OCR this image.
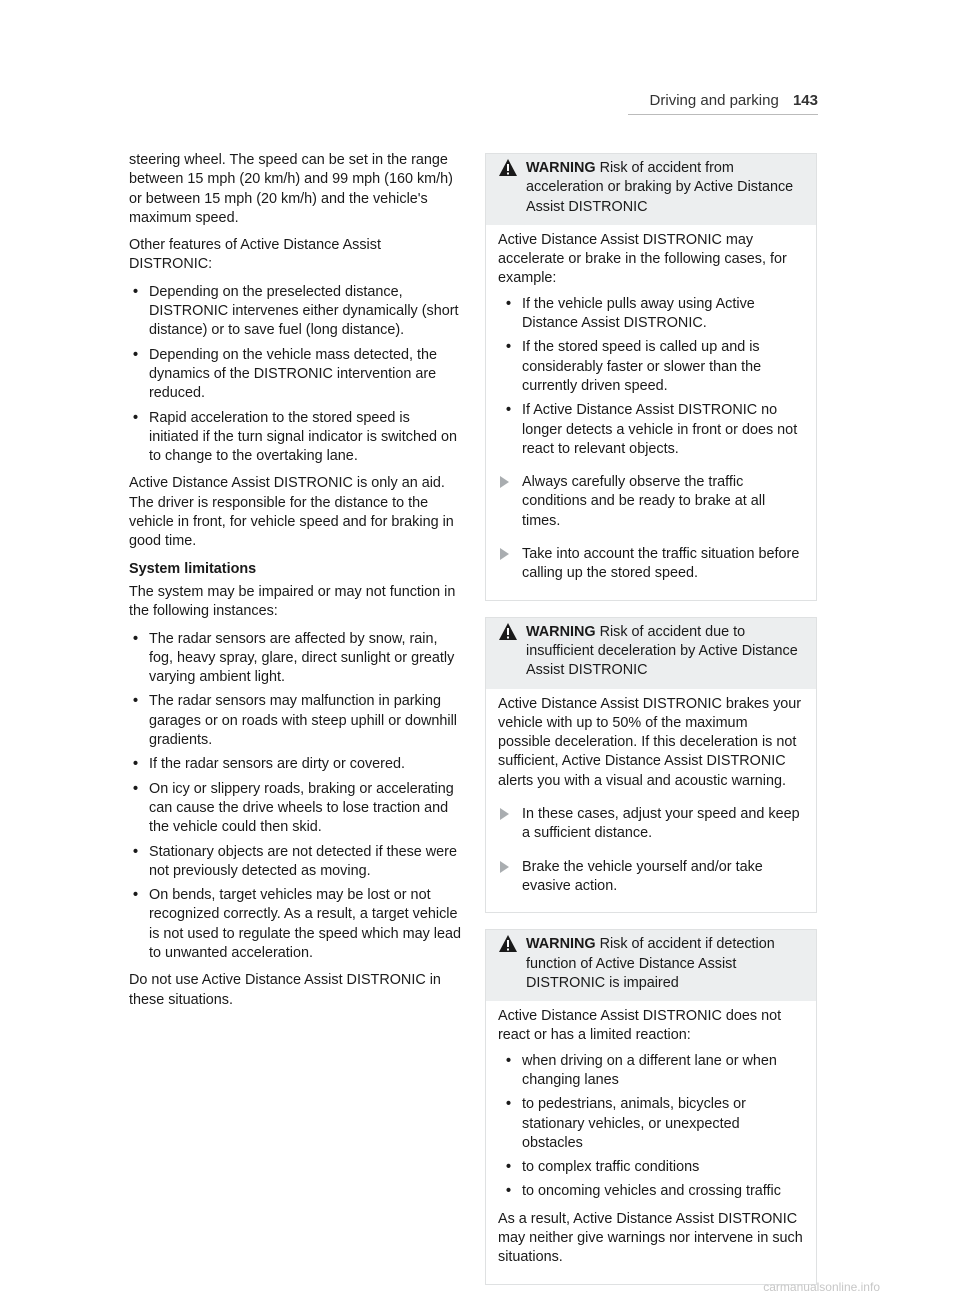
Driving and parking 143

steering wheel. The speed can be set in the range between 15 mph (20 km/h) and 99 mph (160 km/h) or between 15 mph (20 km/h) and the vehicle's maximum speed.

Other features of Active Distance Assist DISTRONIC:

• Depending on the preselected distance, DISTRONIC intervenes either dynamically (short distance) or to save fuel (long distance).
• Depending on the vehicle mass detected, the dynamics of the DISTRONIC intervention are reduced.
• Rapid acceleration to the stored speed is initiated if the turn signal indicator is switched on to change to the overtaking lane.

Active Distance Assist DISTRONIC is only an aid. The driver is responsible for the distance to the vehicle in front, for vehicle speed and for braking in good time.

System limitations

The system may be impaired or may not function in the following instances:

• The radar sensors are affected by snow, rain, fog, heavy spray, glare, direct sunlight or greatly varying ambient light.
• The radar sensors may malfunction in parking garages or on roads with steep uphill or downhill gradients.
• If the radar sensors are dirty or covered.
• On icy or slippery roads, braking or accelerating can cause the drive wheels to lose traction and the vehicle could then skid.
• Stationary objects are not detected if these were not previously detected as moving.
• On bends, target vehicles may be lost or not recognized correctly. As a result, a target vehicle is not used to regulate the speed which may lead to unwanted acceleration.

Do not use Active Distance Assist DISTRONIC in these situations.

WARNING Risk of accident from acceleration or braking by Active Distance Assist DISTRONIC

Active Distance Assist DISTRONIC may accelerate or brake in the following cases, for example:

• If the vehicle pulls away using Active Distance Assist DISTRONIC.
• If the stored speed is called up and is considerably faster or slower than the currently driven speed.
• If Active Distance Assist DISTRONIC no longer detects a vehicle in front or does not react to relevant objects.
Always carefully observe the traffic conditions and be ready to brake at all times.
Take into account the traffic situation before calling up the stored speed.
WARNING Risk of accident due to insufficient deceleration by Active Distance Assist DISTRONIC

Active Distance Assist DISTRONIC brakes your vehicle with up to 50% of the maximum possible deceleration. If this deceleration is not sufficient, Active Distance Assist DISTRONIC alerts you with a visual and acoustic warning.

In these cases, adjust your speed and keep a sufficient distance.
Brake the vehicle yourself and/or take evasive action.
WARNING Risk of accident if detection function of Active Distance Assist DISTRONIC is impaired

Active Distance Assist DISTRONIC does not react or has a limited reaction:

• when driving on a different lane or when changing lanes
• to pedestrians, animals, bicycles or stationary vehicles, or unexpected obstacles
• to complex traffic conditions
• to oncoming vehicles and crossing traffic

As a result, Active Distance Assist DISTRONIC may neither give warnings nor intervene in such situations.

carmanualsonline.info
